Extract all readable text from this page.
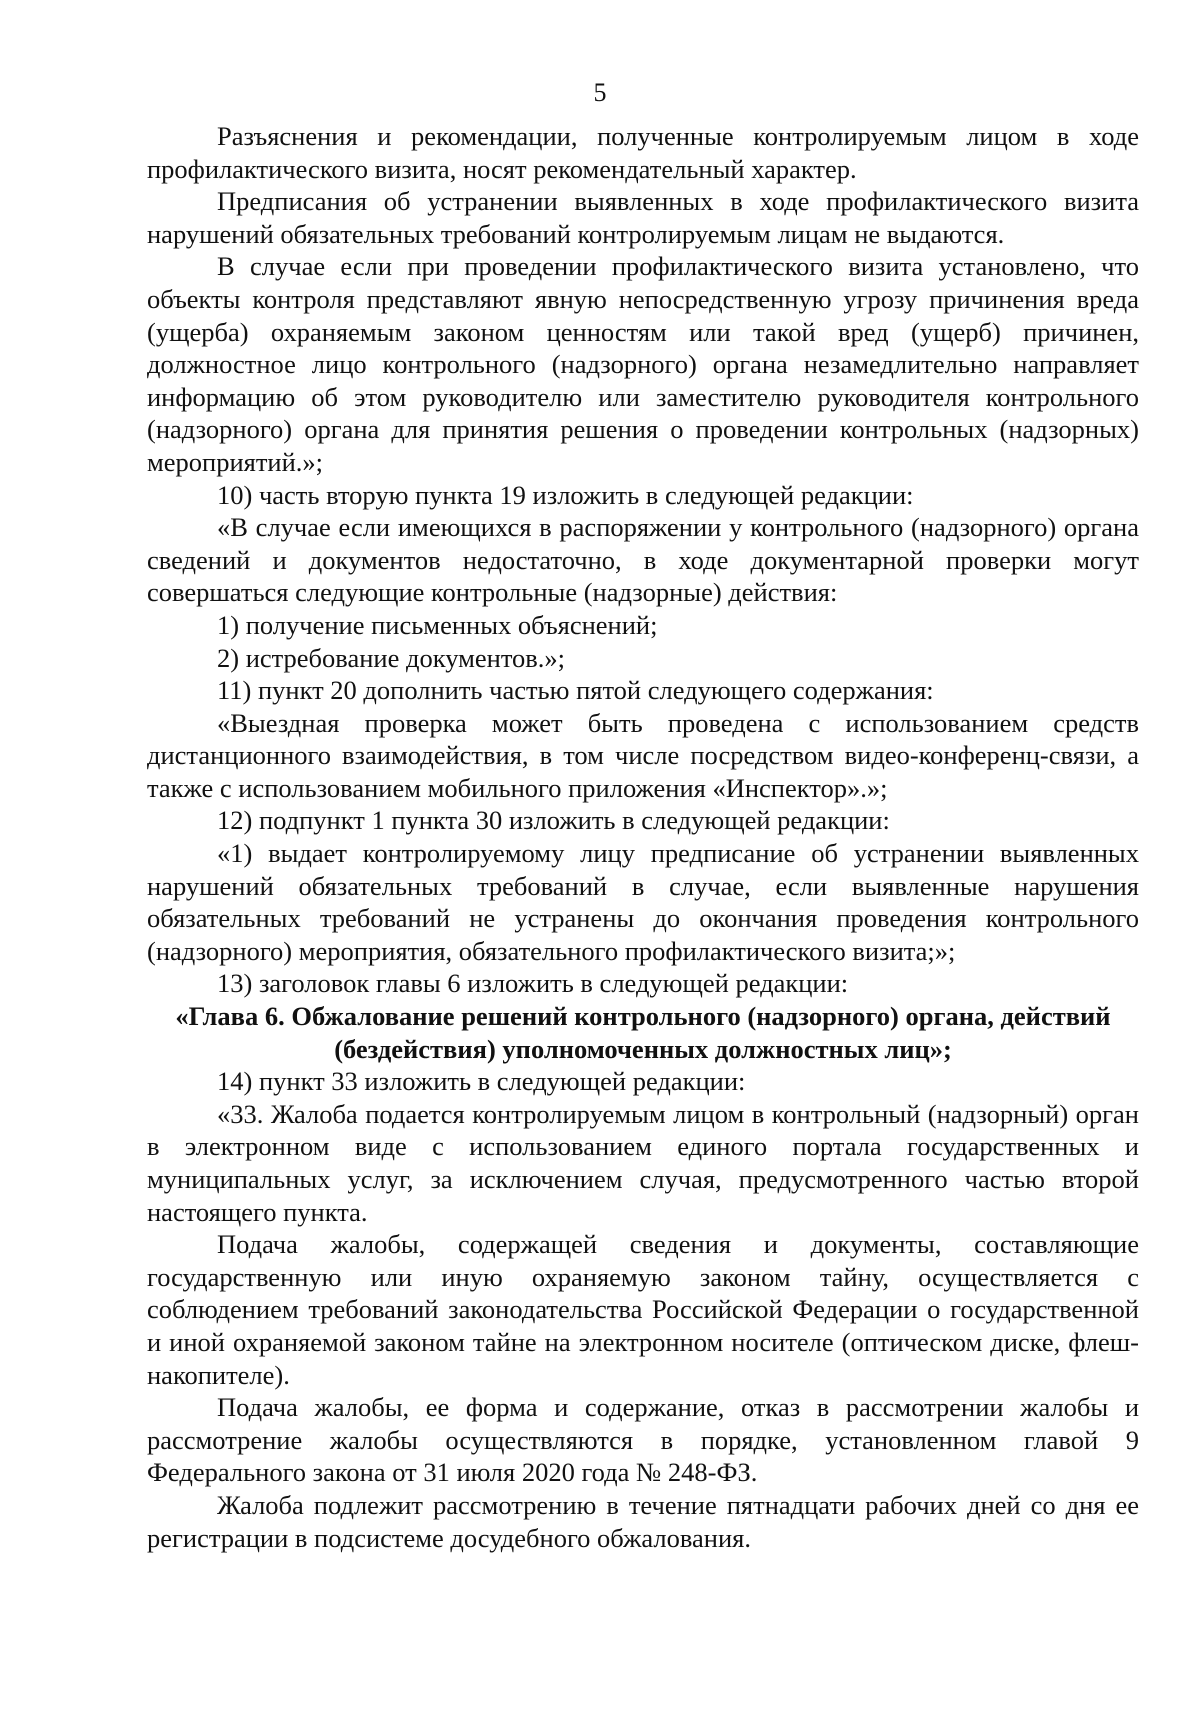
5

Разъяснения и рекомендации, полученные контролируемым лицом в ходе профилактического визита, носят рекомендательный характер.

Предписания об устранении выявленных в ходе профилактического визита нарушений обязательных требований контролируемым лицам не выдаются.

В случае если при проведении профилактического визита установлено, что объекты контроля представляют явную непосредственную угрозу причинения вреда (ущерба) охраняемым законом ценностям или такой вред (ущерб) причинен, должностное лицо контрольного (надзорного) органа незамедлительно направляет информацию об этом руководителю или заместителю руководителя контрольного (надзорного) органа для принятия решения о проведении контрольных (надзорных) мероприятий.»;

10) часть вторую пункта 19 изложить в следующей редакции:

«В случае если имеющихся в распоряжении у контрольного (надзорного) органа сведений и документов недостаточно, в ходе документарной проверки могут совершаться следующие контрольные (надзорные) действия:

1) получение письменных объяснений;

2) истребование документов.»;

11) пункт 20 дополнить частью пятой следующего содержания:

«Выездная проверка может быть проведена с использованием средств дистанционного взаимодействия, в том числе посредством видео-конференц-связи, а также с использованием мобильного приложения «Инспектор».»;

12) подпункт 1 пункта 30 изложить в следующей редакции:

«1) выдает контролируемому лицу предписание об устранении выявленных нарушений обязательных требований в случае, если выявленные нарушения обязательных требований не устранены до окончания проведения контрольного (надзорного) мероприятия, обязательного профилактического визита;»;

13) заголовок главы 6 изложить в следующей редакции:

«Глава 6. Обжалование решений контрольного (надзорного) органа, действий (бездействия) уполномоченных должностных лиц»;

14) пункт 33 изложить в следующей редакции:

«33. Жалоба подается контролируемым лицом в контрольный (надзорный) орган в электронном виде с использованием единого портала государственных и муниципальных услуг, за исключением случая, предусмотренного частью второй настоящего пункта.

Подача жалобы, содержащей сведения и документы, составляющие государственную или иную охраняемую законом тайну, осуществляется с соблюдением требований законодательства Российской Федерации о государственной и иной охраняемой законом тайне на электронном носителе (оптическом диске, флеш-накопителе).

Подача жалобы, ее форма и содержание, отказ в рассмотрении жалобы и рассмотрение жалобы осуществляются в порядке, установленном главой 9 Федерального закона от 31 июля 2020 года № 248-ФЗ.

Жалоба подлежит рассмотрению в течение пятнадцати рабочих дней со дня ее регистрации в подсистеме досудебного обжалования.
